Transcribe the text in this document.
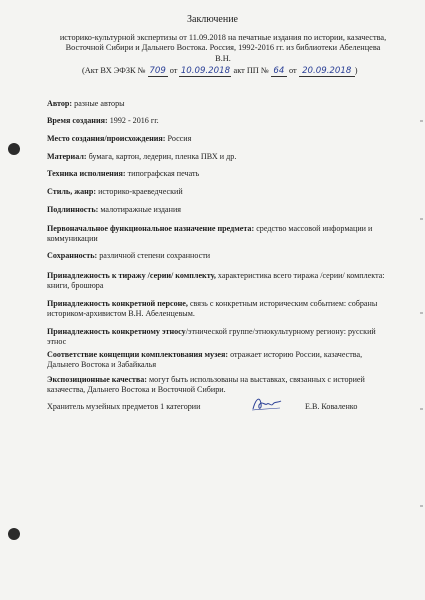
Заключение
историко-культурной экспертизы от 11.09.2018 на печатные издания по истории, казачества,
Восточной Сибири и Дальнего Востока. Россия, 1992-2016 гг. из библиотеки Абеленцева В.Н.
(Акт ВХ ЭФЗК № 709 от 10.09.2018 акт ПП № 64 от 20.09.2018 )
Автор: разные авторы
Время создания: 1992 - 2016 гг.
Место создания/происхождения: Россия
Материал: бумага, картон, ледерин, пленка ПВХ и др.
Техника исполнения: типографская печать
Стиль, жанр: историко-краеведческий
Подлинность: малотиражные издания
Первоначальное функциональное назначение предмета: средство массовой информации и коммуникации
Сохранность: различной степени сохранности
Принадлежность к тиражу /серии/ комплекту, характеристика всего тиража /серии/ комплекта: книги, брошюра
Принадлежность конкретной персоне, связь с конкретным историческим событием: собраны историком-архивистом В.Н. Абеленцевым.
Принадлежность конкретному этносу/этнической группе/этнокультурному региону: русский этнос
Соответствие концепции комплектования музея: отражает историю России, казачества, Дальнего Востока и Забайкалья
Экспозиционные качества: могут быть использованы на выставках, связанных с историей казачества, Дальнего Востока и Восточной Сибири.
Хранитель музейных предметов 1 категории	Е.В. Коваленко
